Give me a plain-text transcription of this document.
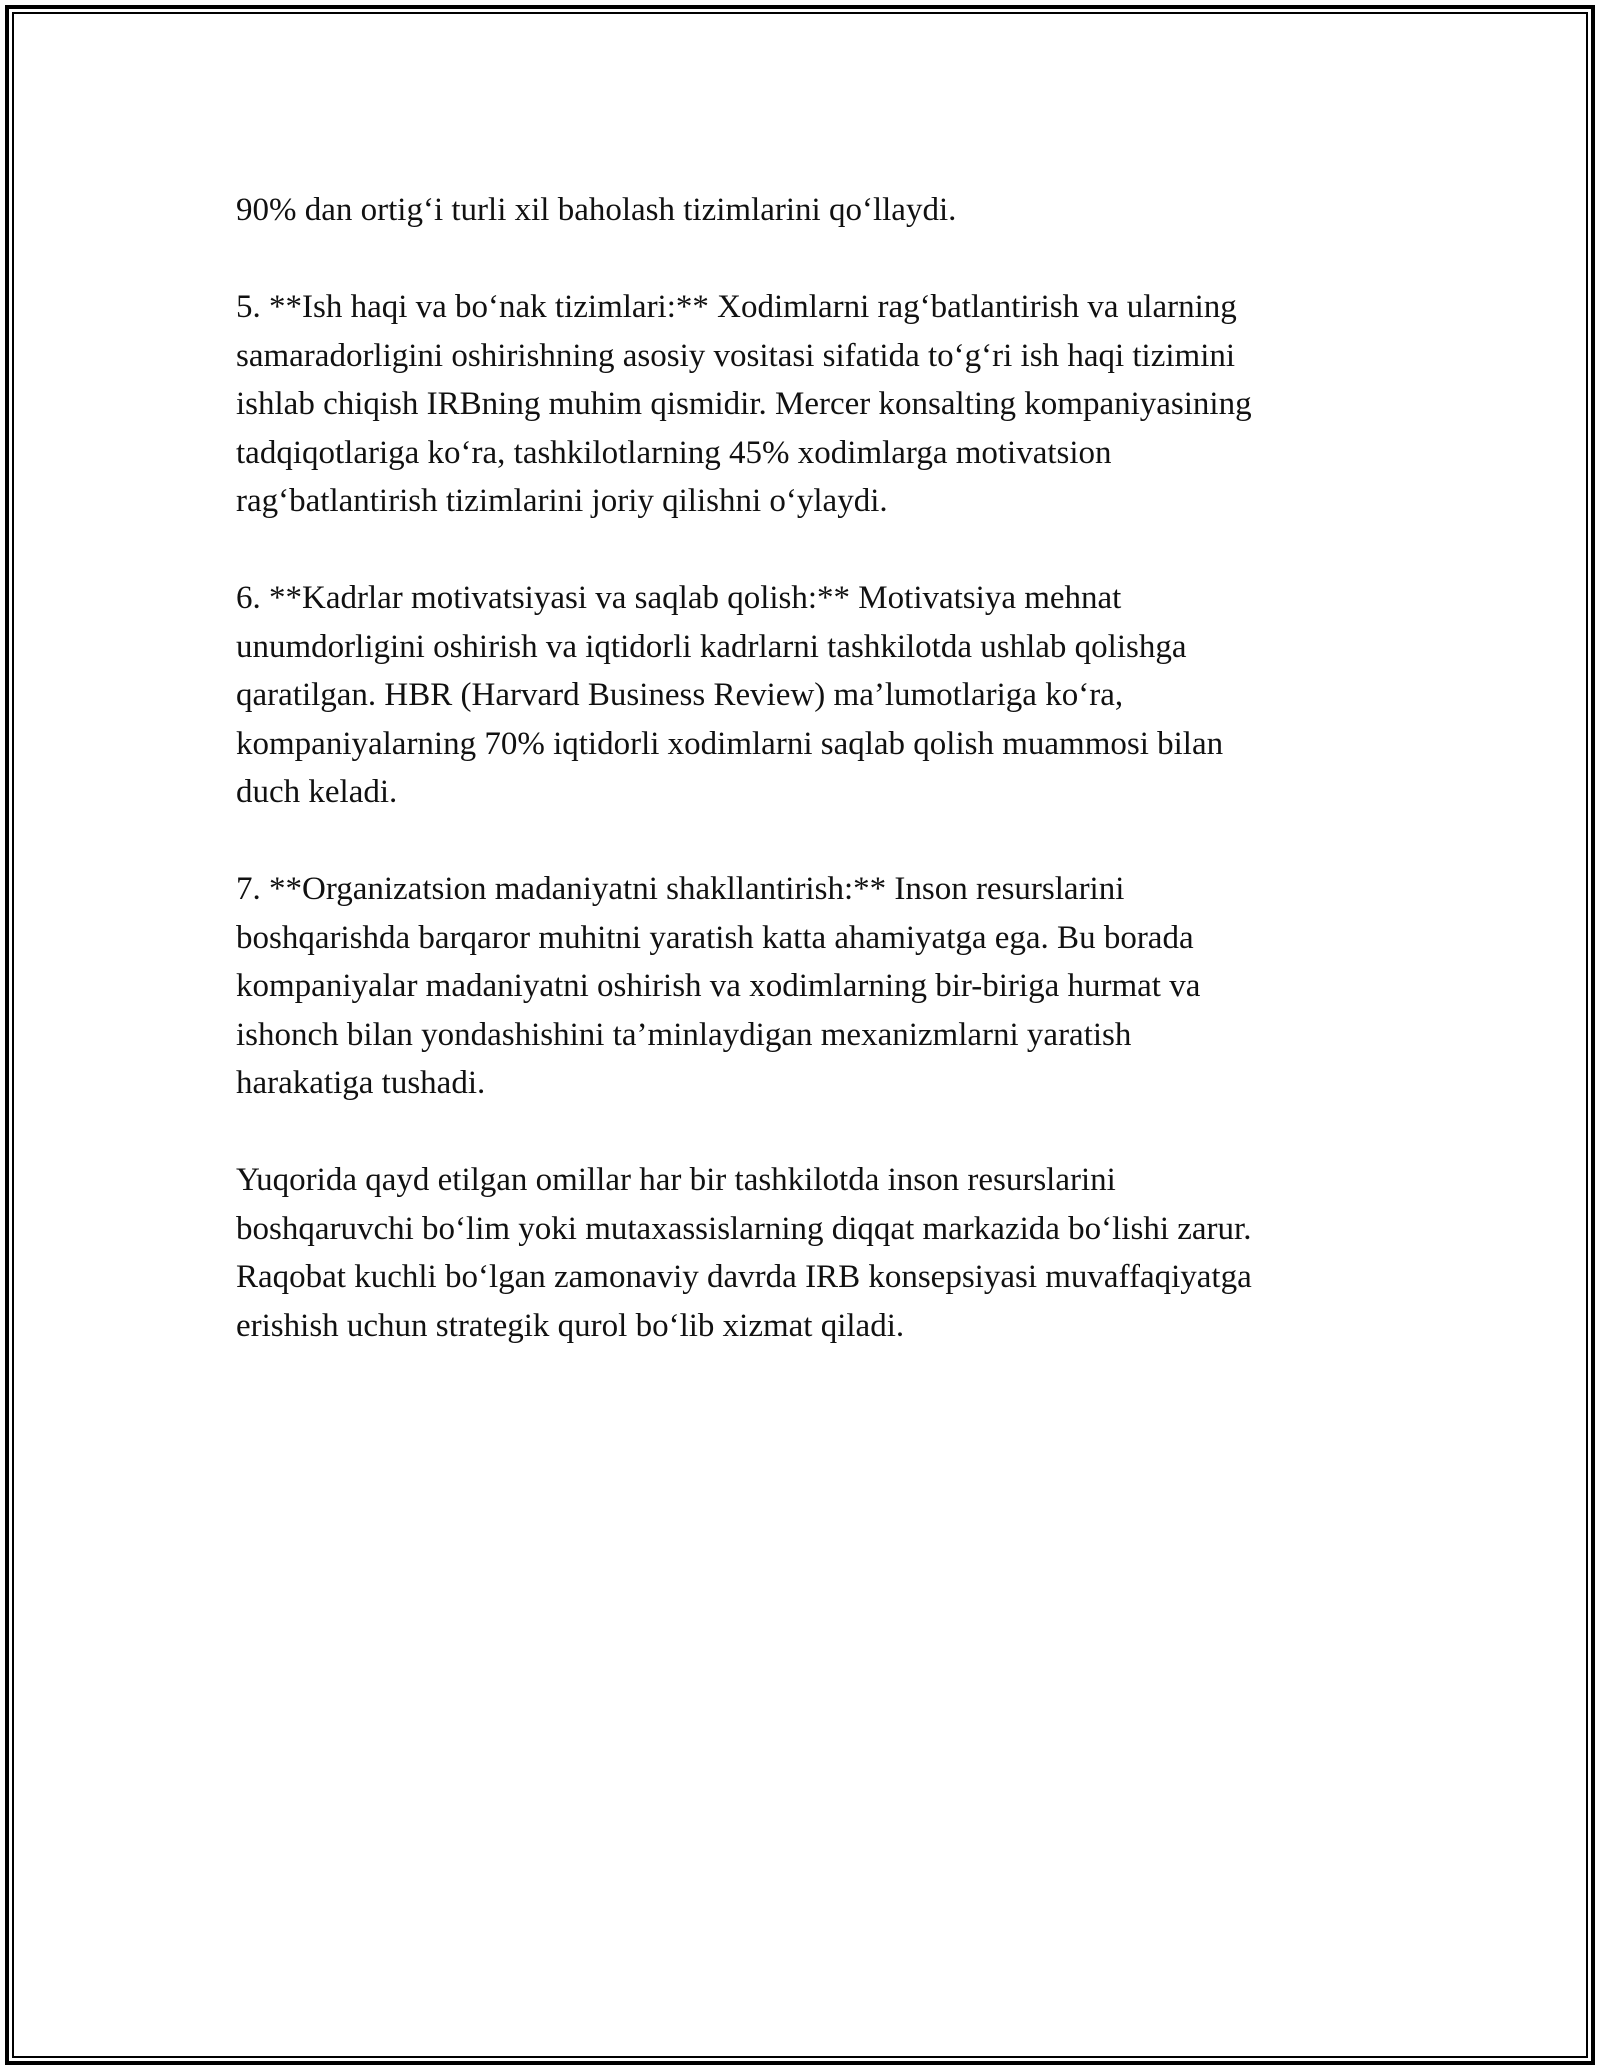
90% dan ortig‘i turli xil baholash tizimlarini qo‘llaydi.

5. **Ish haqi va bo‘nak tizimlari:** Xodimlarni rag‘batlantirish va ularning
samaradorligini oshirishning asosiy vositasi sifatida to‘g‘ri ish haqi tizimini
ishlab chiqish IRBning muhim qismidir. Mercer konsalting kompaniyasining
tadqiqotlariga ko‘ra, tashkilotlarning 45% xodimlarga motivatsion
rag‘batlantirish tizimlarini joriy qilishni o‘ylaydi.

6. **Kadrlar motivatsiyasi va saqlab qolish:** Motivatsiya mehnat
unumdorligini oshirish va iqtidorli kadrlarni tashkilotda ushlab qolishga
qaratilgan. HBR (Harvard Business Review) ma’lumotlariga ko‘ra,
kompaniyalarning 70% iqtidorli xodimlarni saqlab qolish muammosi bilan
duch keladi.

7. **Organizatsion madaniyatni shakllantirish:** Inson resurslarini
boshqarishda barqaror muhitni yaratish katta ahamiyatga ega. Bu borada
kompaniyalar madaniyatni oshirish va xodimlarning bir-biriga hurmat va
ishonch bilan yondashishini ta’minlaydigan mexanizmlarni yaratish
harakatiga tushadi.

Yuqorida qayd etilgan omillar har bir tashkilotda inson resurslarini
boshqaruvchi bo‘lim yoki mutaxassislarning diqqat markazida bo‘lishi zarur.
Raqobat kuchli bo‘lgan zamonaviy davrda IRB konsepsiyasi muvaffaqiyatga
erishish uchun strategik qurol bo‘lib xizmat qiladi.
